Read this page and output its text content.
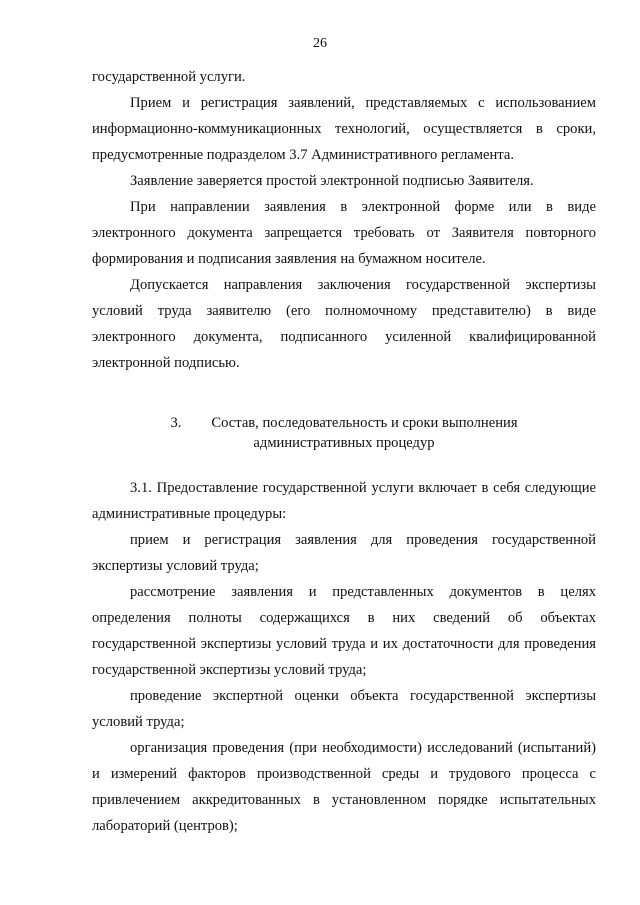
26

государственной услуги.

Прием и регистрация заявлений, представляемых с использованием информационно-коммуникационных технологий, осуществляется в сроки, предусмотренные подразделом 3.7 Административного регламента.

Заявление заверяется простой электронной подписью Заявителя.

При направлении заявления в электронной форме или в виде электронного документа запрещается требовать от Заявителя повторного формирования и подписания заявления на бумажном носителе.

Допускается направления заключения государственной экспертизы условий труда заявителю (его полномочному представителю) в виде электронного документа, подписанного усиленной квалифицированной электронной подписью.

3. Состав, последовательность и сроки выполнения
административных процедур

3.1. Предоставление государственной услуги включает в себя следующие административные процедуры:

прием и регистрация заявления для проведения государственной экспертизы условий труда;

рассмотрение заявления и представленных документов в целях определения полноты содержащихся в них сведений об объектах государственной экспертизы условий труда и их достаточности для проведения государственной экспертизы условий труда;

проведение экспертной оценки объекта государственной экспертизы условий труда;

организация проведения (при необходимости) исследований (испытаний) и измерений факторов производственной среды и трудового процесса с привлечением аккредитованных в установленном порядке испытательных лабораторий (центров);
